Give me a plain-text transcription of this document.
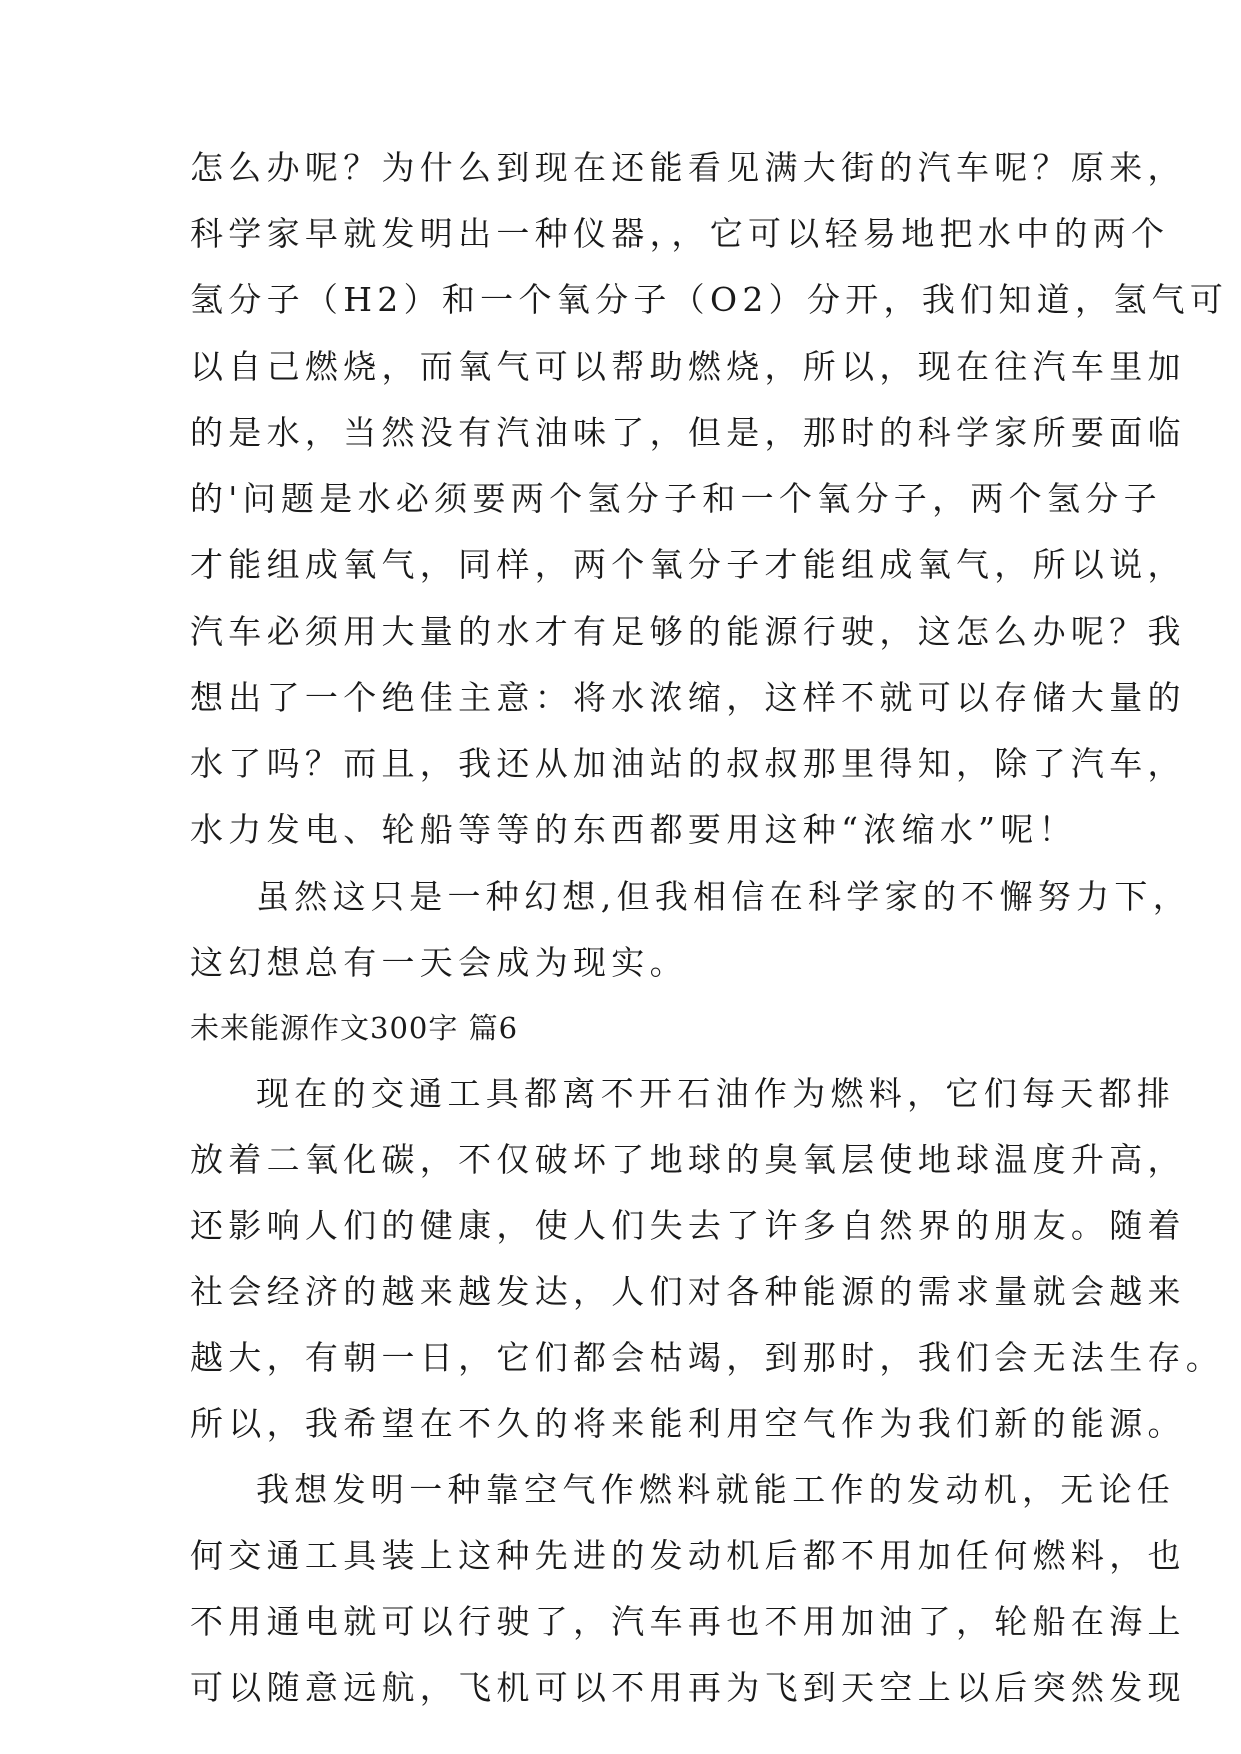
怎么办呢？为什么到现在还能看见满大街的汽车呢？原来，
科学家早就发明出一种仪器，，它可以轻易地把水中的两个
氢分子（H2）和一个氧分子（O2）分开，我们知道，氢气可
以自己燃烧，而氧气可以帮助燃烧，所以，现在往汽车里加
的是水，当然没有汽油味了，但是，那时的科学家所要面临
的'问题是水必须要两个氢分子和一个氧分子，两个氢分子
才能组成氧气，同样，两个氧分子才能组成氧气，所以说，
汽车必须用大量的水才有足够的能源行驶，这怎么办呢？我
想出了一个绝佳主意：将水浓缩，这样不就可以存储大量的
水了吗？而且，我还从加油站的叔叔那里得知，除了汽车，
水力发电、轮船等等的东西都要用这种“浓缩水”呢！
虽然这只是一种幻想,但我相信在科学家的不懈努力下，
这幻想总有一天会成为现实。
未来能源作文300字 篇6
现在的交通工具都离不开石油作为燃料，它们每天都排
放着二氧化碳，不仅破坏了地球的臭氧层使地球温度升高，
还影响人们的健康，使人们失去了许多自然界的朋友。随着
社会经济的越来越发达，人们对各种能源的需求量就会越来
越大，有朝一日，它们都会枯竭，到那时，我们会无法生存。
所以，我希望在不久的将来能利用空气作为我们新的能源。
我想发明一种靠空气作燃料就能工作的发动机，无论任
何交通工具装上这种先进的发动机后都不用加任何燃料，也
不用通电就可以行驶了，汽车再也不用加油了，轮船在海上
可以随意远航，飞机可以不用再为飞到天空上以后突然发现
